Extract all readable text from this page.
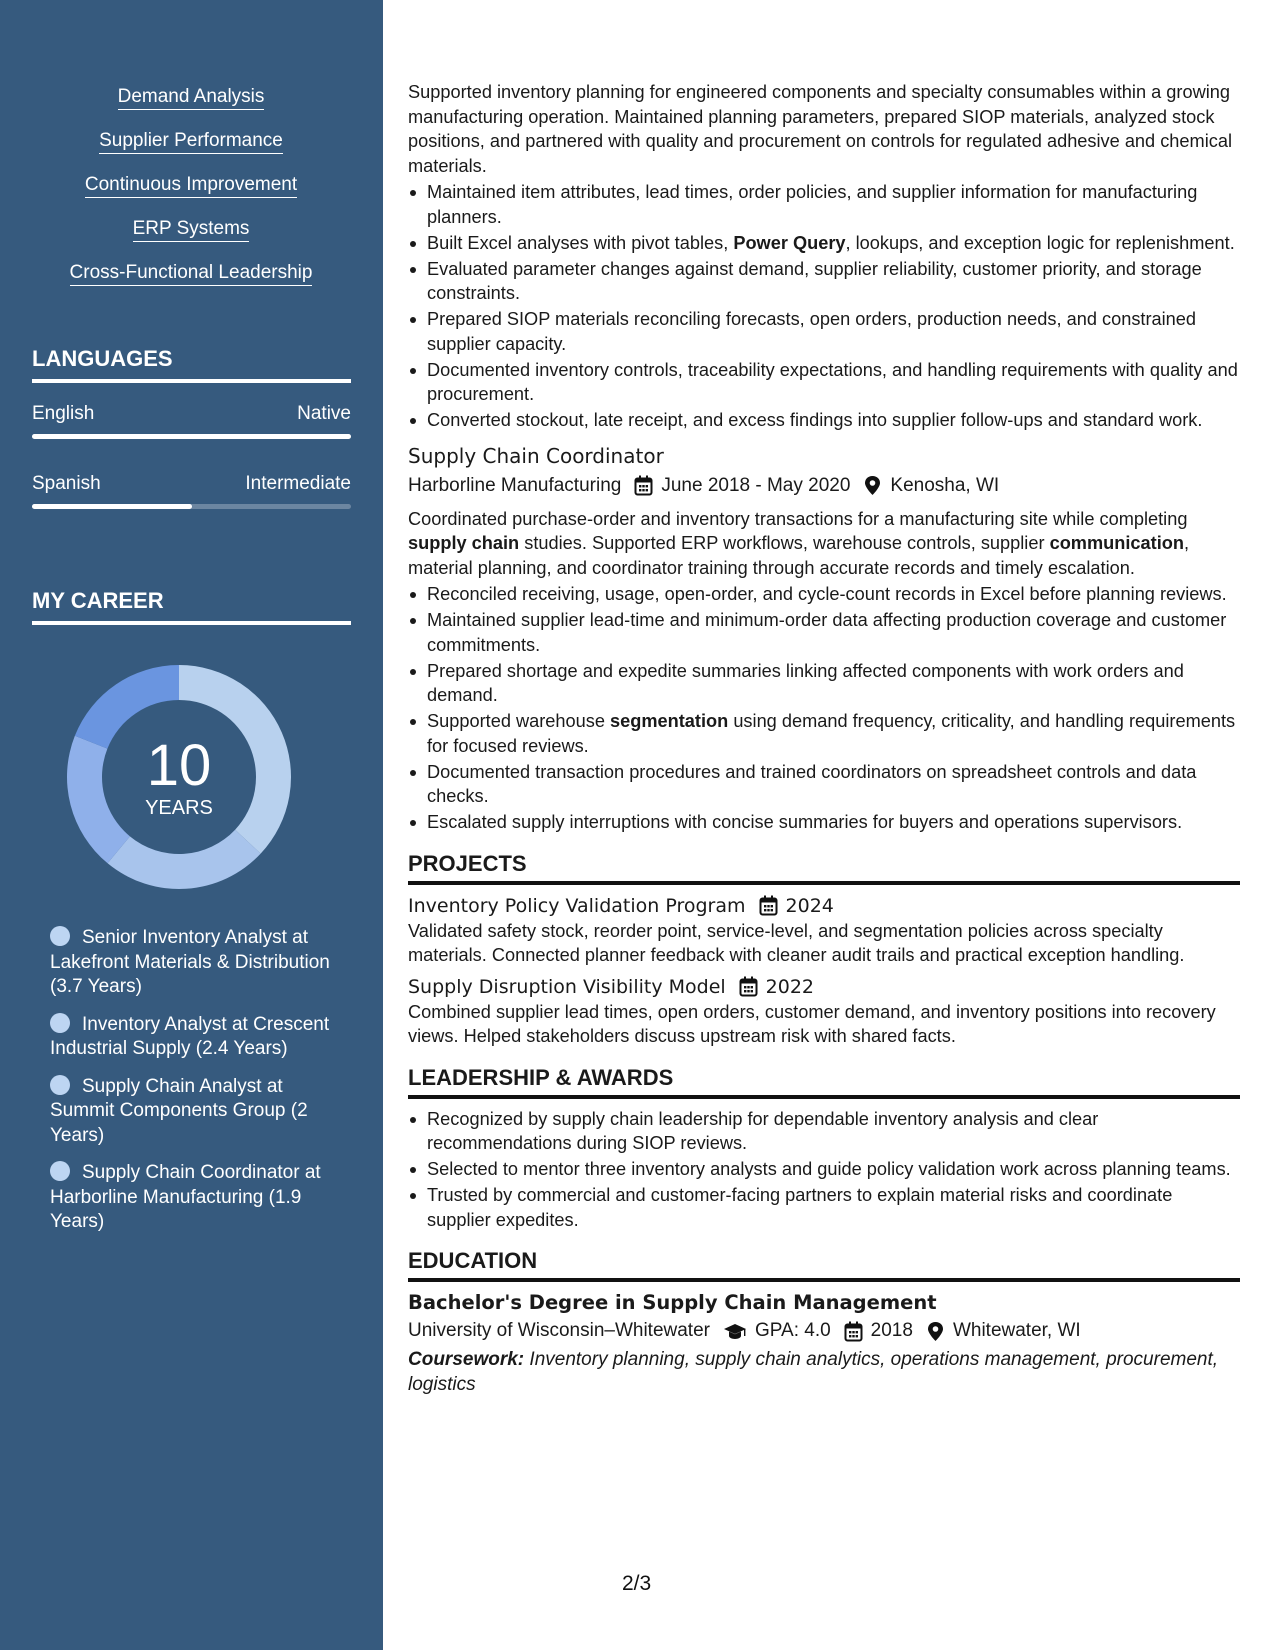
Demand Analysis
Supplier Performance
Continuous Improvement
ERP Systems
Cross-Functional Leadership
LANGUAGES
English	Native
Spanish	Intermediate
MY CAREER
10
YEARS
Senior Inventory Analyst at Lakefront Materials & Distribution (3.7 Years)
Inventory Analyst at Crescent Industrial Supply (2.4 Years)
Supply Chain Analyst at Summit Components Group (2 Years)
Supply Chain Coordinator at Harborline Manufacturing (1.9 Years)

Supported inventory planning for engineered components and specialty consumables within a growing manufacturing operation. Maintained planning parameters, prepared SIOP materials, analyzed stock positions, and partnered with quality and procurement on controls for regulated adhesive and chemical materials.

Maintained item attributes, lead times, order policies, and supplier information for manufacturing planners.
Built Excel analyses with pivot tables, Power Query, lookups, and exception logic for replenishment.
Evaluated parameter changes against demand, supplier reliability, customer priority, and storage constraints.
Prepared SIOP materials reconciling forecasts, open orders, production needs, and constrained supplier capacity.
Documented inventory controls, traceability expectations, and handling requirements with quality and procurement.
Converted stockout, late receipt, and excess findings into supplier follow-ups and standard work.
Supply Chain Coordinator
Harborline Manufacturing June 2018 - May 2020 Kenosha, WI

Coordinated purchase-order and inventory transactions for a manufacturing site while completing supply chain studies. Supported ERP workflows, warehouse controls, supplier communication, material planning, and coordinator training through accurate records and timely escalation.

Reconciled receiving, usage, open-order, and cycle-count records in Excel before planning reviews.
Maintained supplier lead-time and minimum-order data affecting production coverage and customer commitments.
Prepared shortage and expedite summaries linking affected components with work orders and demand.
Supported warehouse segmentation using demand frequency, criticality, and handling requirements for focused reviews.
Documented transaction procedures and trained coordinators on spreadsheet controls and data checks.
Escalated supply interruptions with concise summaries for buyers and operations supervisors.
PROJECTS
Inventory Policy Validation Program 2024

Validated safety stock, reorder point, service-level, and segmentation policies across specialty materials. Connected planner feedback with cleaner audit trails and practical exception handling.

Supply Disruption Visibility Model 2022

Combined supplier lead times, open orders, customer demand, and inventory positions into recovery views. Helped stakeholders discuss upstream risk with shared facts.

LEADERSHIP & AWARDS
Recognized by supply chain leadership for dependable inventory analysis and clear recommendations during SIOP reviews.
Selected to mentor three inventory analysts and guide policy validation work across planning teams.
Trusted by commercial and customer-facing partners to explain material risks and coordinate supplier expedites.
EDUCATION
Bachelor's Degree in Supply Chain Management
University of Wisconsin–Whitewater GPA: 4.0 2018 Whitewater, WI

Coursework: Inventory planning, supply chain analytics, operations management, procurement, logistics

2/3
